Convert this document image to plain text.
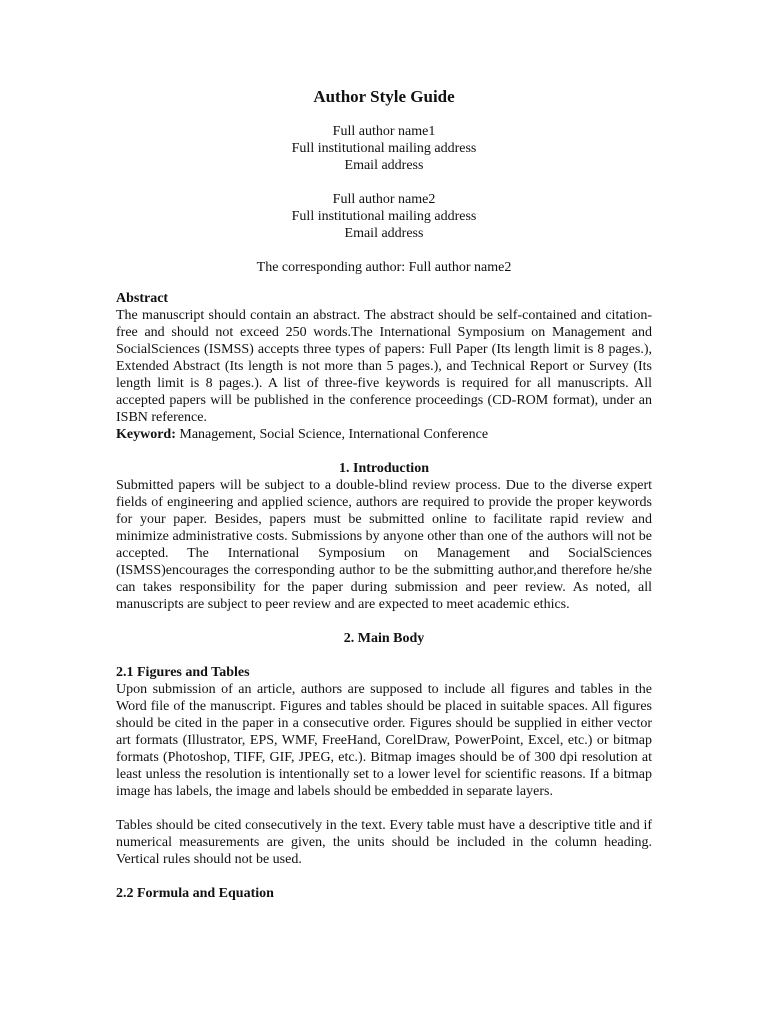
Author Style Guide
Full author name1
Full institutional mailing address
Email address
Full author name2
Full institutional mailing address
Email address
The corresponding author: Full author name2
Abstract

The manuscript should contain an abstract. The abstract should be self-contained and citation-free and should not exceed 250 words.The International Symposium on Management and SocialSciences (ISMSS) accepts three types of papers: Full Paper (Its length limit is 8 pages.), Extended Abstract (Its length is not more than 5 pages.), and Technical Report or Survey (Its length limit is 8 pages.). A list of three-five keywords is required for all manuscripts. All accepted papers will be published in the conference proceedings (CD-ROM format), under an ISBN reference.

Keyword: Management, Social Science, International Conference
1. Introduction

Submitted papers will be subject to a double-blind review process. Due to the diverse expert fields of engineering and applied science, authors are required to provide the proper keywords for your paper. Besides, papers must be submitted online to facilitate rapid review and minimize administrative costs. Submissions by anyone other than one of the authors will not be accepted. The International Symposium on Management and SocialSciences (ISMSS)encourages the corresponding author to be the submitting author,and therefore he/she can takes responsibility for the paper during submission and peer review. As noted, all manuscripts are subject to peer review and are expected to meet academic ethics.

2. Main Body
2.1 Figures and Tables

Upon submission of an article, authors are supposed to include all figures and tables in the Word file of the manuscript. Figures and tables should be placed in suitable spaces. All figures should be cited in the paper in a consecutive order. Figures should be supplied in either vector art formats (Illustrator, EPS, WMF, FreeHand, CorelDraw, PowerPoint, Excel, etc.) or bitmap formats (Photoshop, TIFF, GIF, JPEG, etc.). Bitmap images should be of 300 dpi resolution at least unless the resolution is intentionally set to a lower level for scientific reasons. If a bitmap image has labels, the image and labels should be embedded in separate layers.

Tables should be cited consecutively in the text. Every table must have a descriptive title and if numerical measurements are given, the units should be included in the column heading. Vertical rules should not be used.

2.2 Formula and Equation
